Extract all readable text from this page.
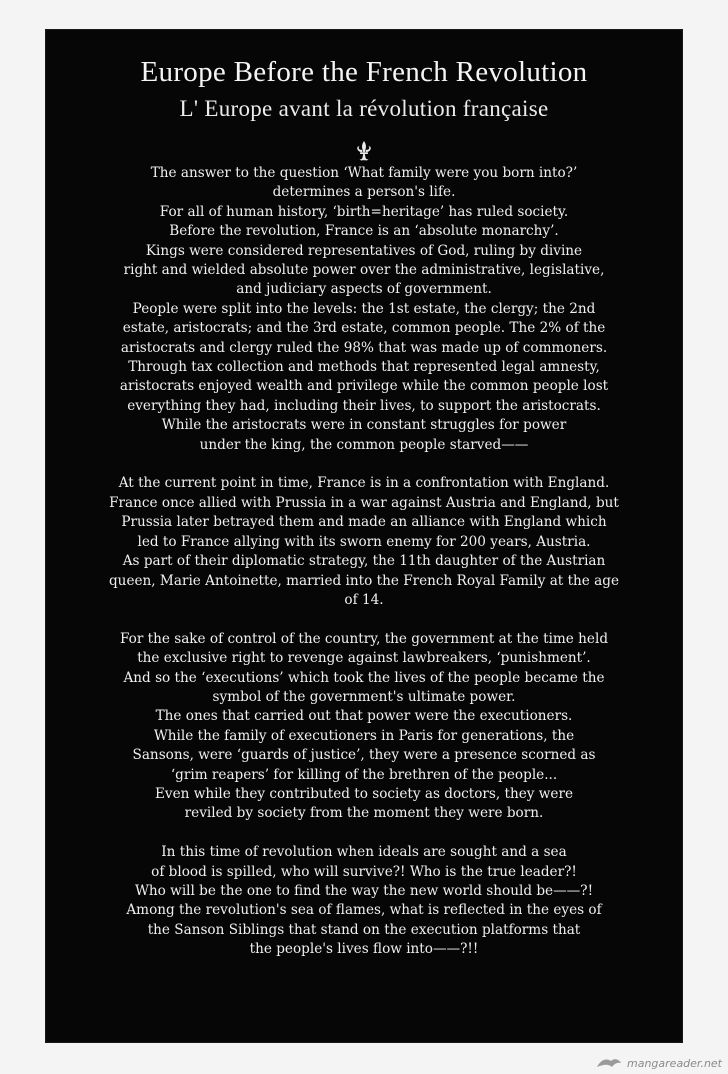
Europe Before the French Revolution
L' Europe avant la révolution française
The answer to the question ‘What family were you born into?’
determines a person's life.
For all of human history, ‘birth=heritage’ has ruled society.
Before the revolution, France is an ‘absolute monarchy’.
Kings were considered representatives of God, ruling by divine
right and wielded absolute power over the administrative, legislative,
and judiciary aspects of government.
People were split into the levels: the 1st estate, the clergy; the 2nd
estate, aristocrats; and the 3rd estate, common people. The 2% of the
aristocrats and clergy ruled the 98% that was made up of commoners.
Through tax collection and methods that represented legal amnesty,
aristocrats enjoyed wealth and privilege while the common people lost
everything they had, including their lives, to support the aristocrats.
While the aristocrats were in constant struggles for power
under the king, the common people starved——
At the current point in time, France is in a confrontation with England.
France once allied with Prussia in a war against Austria and England, but
Prussia later betrayed them and made an alliance with England which
led to France allying with its sworn enemy for 200 years, Austria.
As part of their diplomatic strategy, the 11th daughter of the Austrian
queen, Marie Antoinette, married into the French Royal Family at the age
of 14.
For the sake of control of the country, the government at the time held
the exclusive right to revenge against lawbreakers, ‘punishment’.
And so the ‘executions’ which took the lives of the people became the
symbol of the government's ultimate power.
The ones that carried out that power were the executioners.
While the family of executioners in Paris for generations, the
Sansons, were ‘guards of justice’, they were a presence scorned as
‘grim reapers’ for killing of the brethren of the people...
Even while they contributed to society as doctors, they were
reviled by society from the moment they were born.
In this time of revolution when ideals are sought and a sea
of blood is spilled, who will survive?! Who is the true leader?!
Who will be the one to find the way the new world should be——?!
Among the revolution's sea of flames, what is reflected in the eyes of
the Sanson Siblings that stand on the execution platforms that
the people's lives flow into——?!!
mangareader.net
